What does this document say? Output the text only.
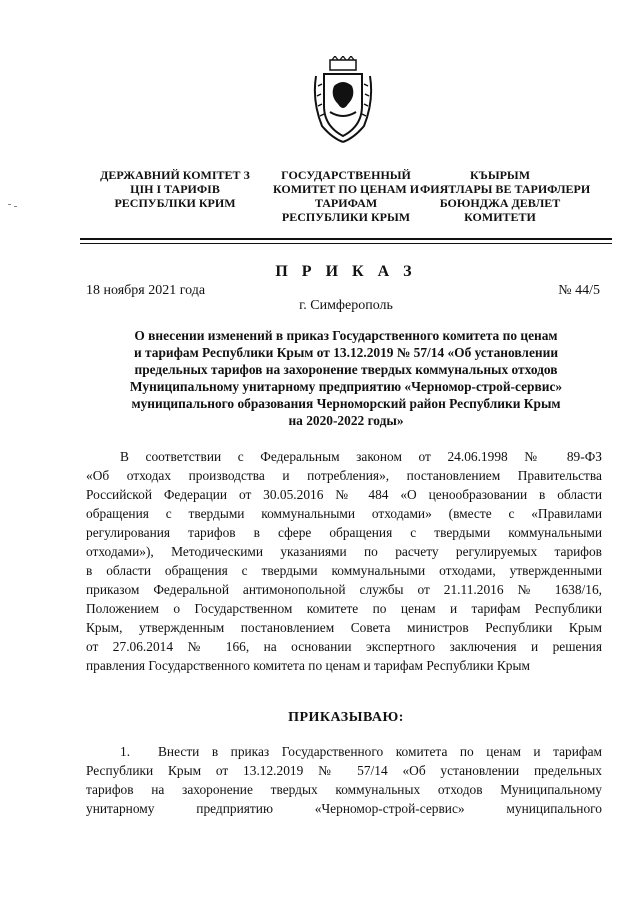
ДЕРЖАВНИЙ КОМІТЕТ З
ЦІН І ТАРИФІВ
РЕСПУБЛІКИ КРИМ
ГОСУДАРСТВЕННЫЙ
КОМИТЕТ ПО ЦЕНАМ И
ТАРИФАМ
РЕСПУБЛИКИ КРЫМ
КЪЫРЫМ
ФИЯТЛАРЫ ВЕ ТАРИФЛЕРИ
БОЮНДЖА ДЕВЛЕТ
КОМИТЕТИ
П Р И К А З
18 ноября 2021 года	№ 44/5
г. Симферополь
О внесении изменений в приказ Государственного комитета по ценам
и тарифам Республики Крым от 13.12.2019 № 57/14 «Об установлении
предельных тарифов на захоронение твердых коммунальных отходов
Муниципальному унитарному предприятию «Черномор-строй-сервис»
муниципального образования Черноморский район Республики Крым
на 2020-2022 годы»
В соответствии с Федеральным законом от 24.06.1998 № 89-ФЗ
«Об отходах производства и потребления», постановлением Правительства
Российской Федерации от 30.05.2016 № 484 «О ценообразовании в области
обращения с твердыми коммунальными отходами» (вместе с «Правилами
регулирования тарифов в сфере обращения с твердыми коммунальными
отходами»), Методическими указаниями по расчету регулируемых тарифов
в области обращения с твердыми коммунальными отходами, утвержденными
приказом Федеральной антимонопольной службы от 21.11.2016 № 1638/16,
Положением о Государственном комитете по ценам и тарифам Республики
Крым, утвержденным постановлением Совета министров Республики Крым
от 27.06.2014 № 166, на основании экспертного заключения и решения
правления Государственного комитета по ценам и тарифам Республики Крым
ПРИКАЗЫВАЮ:
1. Внести в приказ Государственного комитета по ценам и тарифам
Республики Крым от 13.12.2019 № 57/14 «Об установлении предельных
тарифов на захоронение твердых коммунальных отходов Муниципальному
унитарному предприятию «Черномор-строй-сервис» муниципального
